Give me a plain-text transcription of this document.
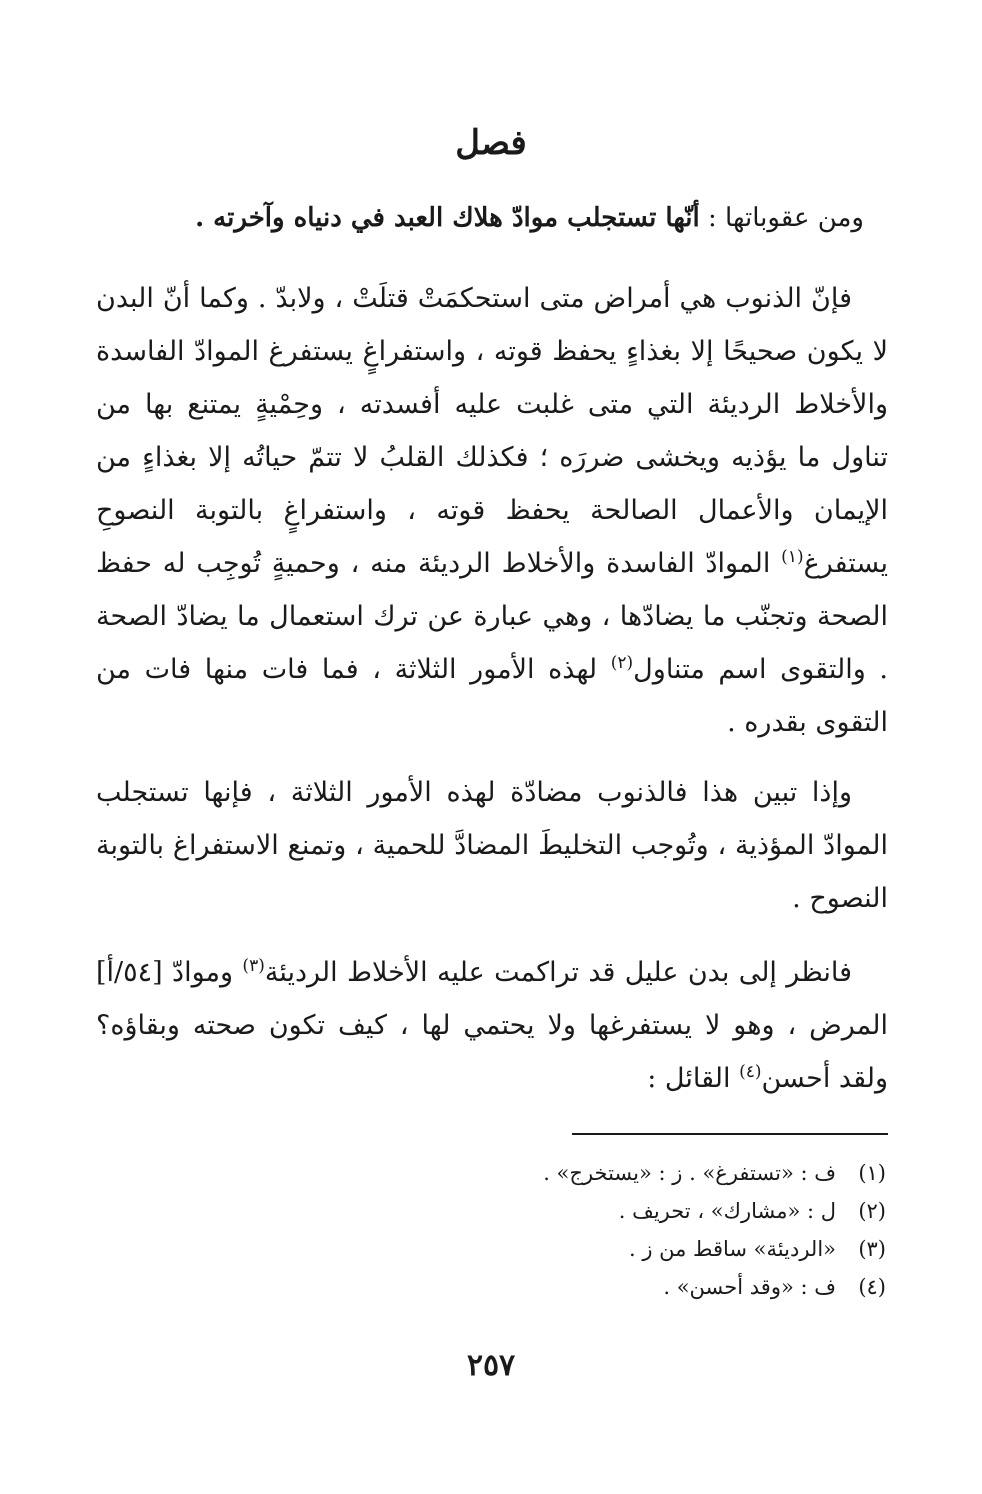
فصل
ومن عقوباتها : أنّها تستجلب موادّ هلاك العبد في دنياه وآخرته .
فإنّ الذنوب هي أمراض متى استحكمَتْ قتلَتْ ، ولابدّ . وكما أنّ البدن لا يكون صحيحًا إلا بغذاءٍ يحفظ قوته ، واستفراغٍ يستفرغ الموادّ الفاسدة والأخلاط الرديئة التي متى غلبت عليه أفسدته ، وحِمْيةٍ يمتنع بها من تناول ما يؤذيه ويخشى ضررَه ؛ فكذلك القلبُ لا تتمّ حياتُه إلا بغذاءٍ من الإيمان والأعمال الصالحة يحفظ قوته ، واستفراغٍ بالتوبة النصوحِ يستفرغ$^{(١)}$ الموادّ الفاسدة والأخلاط الرديئة منه ، وحميةٍ تُوجِب له حفظ الصحة وتجنّب ما يضادّها ، وهي عبارة عن ترك استعمال ما يضادّ الصحة . والتقوى اسم متناول$^{(٢)}$ لهذه الأمور الثلاثة ، فما فات منها فات من التقوى بقدره .
وإذا تبين هذا فالذنوب مضادّة لهذه الأمور الثلاثة ، فإنها تستجلب الموادّ المؤذية ، وتُوجب التخليطَ المضادَّ للحمية ، وتمنع الاستفراغ بالتوبة النصوح .
فانظر إلى بدن عليل قد تراكمت عليه الأخلاط الرديئة$^{(٣)}$ وموادّ [٥٤/أ] المرض ، وهو لا يستفرغها ولا يحتمي لها ، كيف تكون صحته وبقاؤه؟ ولقد أحسن$^{(٤)}$ القائل :
(١)
ف : «تستفرغ» . ز : «يستخرج» .
(٢)
ل : «مشارك» ، تحريف .
(٣)
«الرديئة» ساقط من ز .
(٤)
ف : «وقد أحسن» .
٢٥٧
